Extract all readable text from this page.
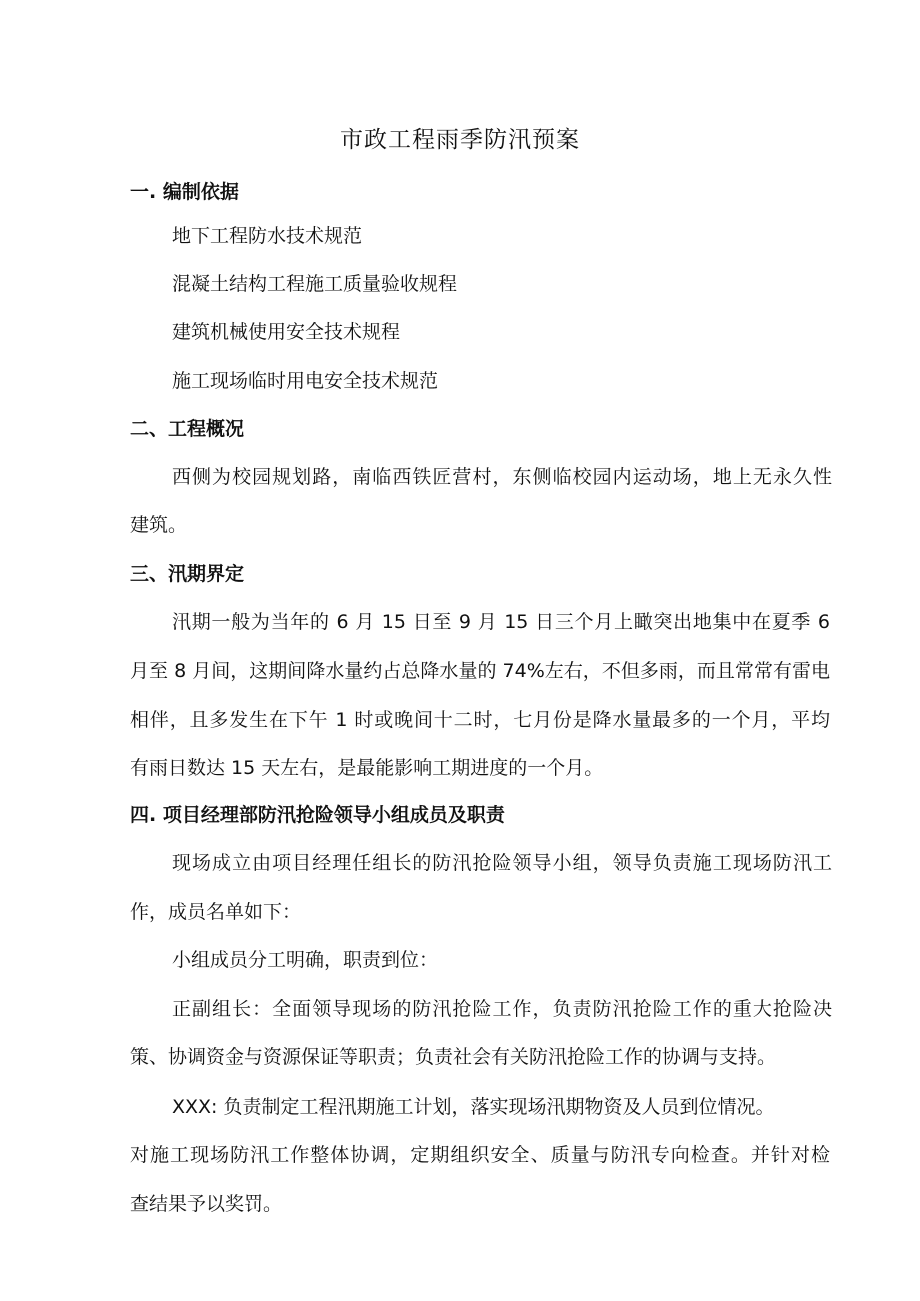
市政工程雨季防汛预案
一. 编制依据
地下工程防水技术规范
混凝土结构工程施工质量验收规程
建筑机械使用安全技术规程
施工现场临时用电安全技术规范
二、工程概况
西侧为校园规划路，南临西铁匠营村，东侧临校园内运动场，地上无永久性
建筑。
三、汛期界定
汛期一般为当年的 6 月 15 日至 9 月 15 日三个月上瞰突出地集中在夏季 6
月至 8 月间，这期间降水量约占总降水量的 74%左右，不但多雨，而且常常有雷电
相伴，且多发生在下午 1 时或晚间十二时，七月份是降水量最多的一个月，平均
有雨日数达 15 天左右，是最能影响工期进度的一个月。
四. 项目经理部防汛抢险领导小组成员及职责
现场成立由项目经理任组长的防汛抢险领导小组，领导负责施工现场防汛工
作，成员名单如下：
小组成员分工明确，职责到位：
正副组长：全面领导现场的防汛抢险工作，负责防汛抢险工作的重大抢险决
策、协调资金与资源保证等职责；负责社会有关防汛抢险工作的协调与支持。
XXX: 负责制定工程汛期施工计划，落实现场汛期物资及人员到位情况。
对施工现场防汛工作整体协调，定期组织安全、质量与防汛专向检查。并针对检
查结果予以奖罚。
